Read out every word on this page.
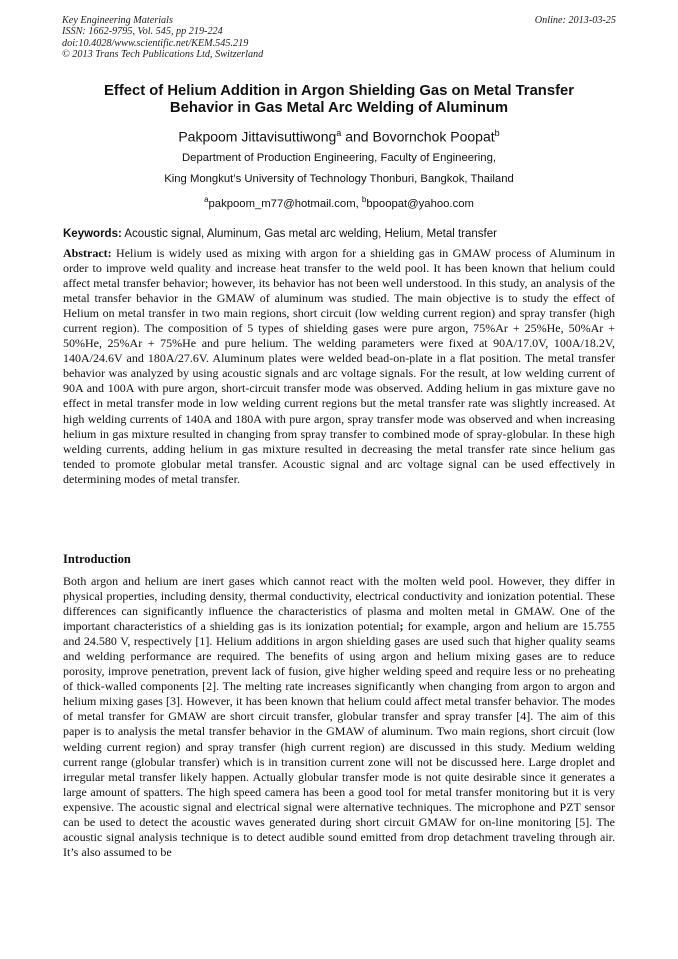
Key Engineering Materials
ISSN: 1662-9795, Vol. 545, pp 219-224
doi:10.4028/www.scientific.net/KEM.545.219
© 2013 Trans Tech Publications Ltd, Switzerland
Online: 2013-03-25
Effect of Helium Addition in Argon Shielding Gas on Metal Transfer
Behavior in Gas Metal Arc Welding of Aluminum
Pakpoom Jittavisuttiwong$^a$ and Bovornchok Poopat$^b$
Department of Production Engineering, Faculty of Engineering,
King Mongkut’s University of Technology Thonburi, Bangkok, Thailand
$^a$pakpoom_m77@hotmail.com, $^b$bpoopat@yahoo.com
Keywords: Acoustic signal, Aluminum, Gas metal arc welding, Helium, Metal transfer
Abstract: Helium is widely used as mixing with argon for a shielding gas in GMAW process of Aluminum in order to improve weld quality and increase heat transfer to the weld pool. It has been known that helium could affect metal transfer behavior; however, its behavior has not been well understood. In this study, an analysis of the metal transfer behavior in the GMAW of aluminum was studied. The main objective is to study the effect of Helium on metal transfer in two main regions, short circuit (low welding current region) and spray transfer (high current region). The composition of 5 types of shielding gases were pure argon, 75%Ar + 25%He, 50%Ar + 50%He, 25%Ar + 75%He and pure helium. The welding parameters were fixed at 90A/17.0V, 100A/18.2V, 140A/24.6V and 180A/27.6V. Aluminum plates were welded bead-on-plate in a flat position. The metal transfer behavior was analyzed by using acoustic signals and arc voltage signals. For the result, at low welding current of 90A and 100A with pure argon, short-circuit transfer mode was observed. Adding helium in gas mixture gave no effect in metal transfer mode in low welding current regions but the metal transfer rate was slightly increased. At high welding currents of 140A and 180A with pure argon, spray transfer mode was observed and when increasing helium in gas mixture resulted in changing from spray transfer to combined mode of spray-globular. In these high welding currents, adding helium in gas mixture resulted in decreasing the metal transfer rate since helium gas tended to promote globular metal transfer. Acoustic signal and arc voltage signal can be used effectively in determining modes of metal transfer.
Introduction
Both argon and helium are inert gases which cannot react with the molten weld pool. However, they differ in physical properties, including density, thermal conductivity, electrical conductivity and ionization potential. These differences can significantly influence the characteristics of plasma and molten metal in GMAW. One of the important characteristics of a shielding gas is its ionization potential; for example, argon and helium are 15.755 and 24.580 V, respectively [1]. Helium additions in argon shielding gases are used such that higher quality seams and welding performance are required. The benefits of using argon and helium mixing gases are to reduce porosity, improve penetration, prevent lack of fusion, give higher welding speed and require less or no preheating of thick-walled components [2]. The melting rate increases significantly when changing from argon to argon and helium mixing gases [3]. However, it has been known that helium could affect metal transfer behavior. The modes of metal transfer for GMAW are short circuit transfer, globular transfer and spray transfer [4]. The aim of this paper is to analysis the metal transfer behavior in the GMAW of aluminum. Two main regions, short circuit (low welding current region) and spray transfer (high current region) are discussed in this study. Medium welding current range (globular transfer) which is in transition current zone will not be discussed here. Large droplet and irregular metal transfer likely happen. Actually globular transfer mode is not quite desirable since it generates a large amount of spatters. The high speed camera has been a good tool for metal transfer monitoring but it is very expensive. The acoustic signal and electrical signal were alternative techniques. The microphone and PZT sensor can be used to detect the acoustic waves generated during short circuit GMAW for on-line monitoring [5]. The acoustic signal analysis technique is to detect audible sound emitted from drop detachment traveling through air. It’s also assumed to be
